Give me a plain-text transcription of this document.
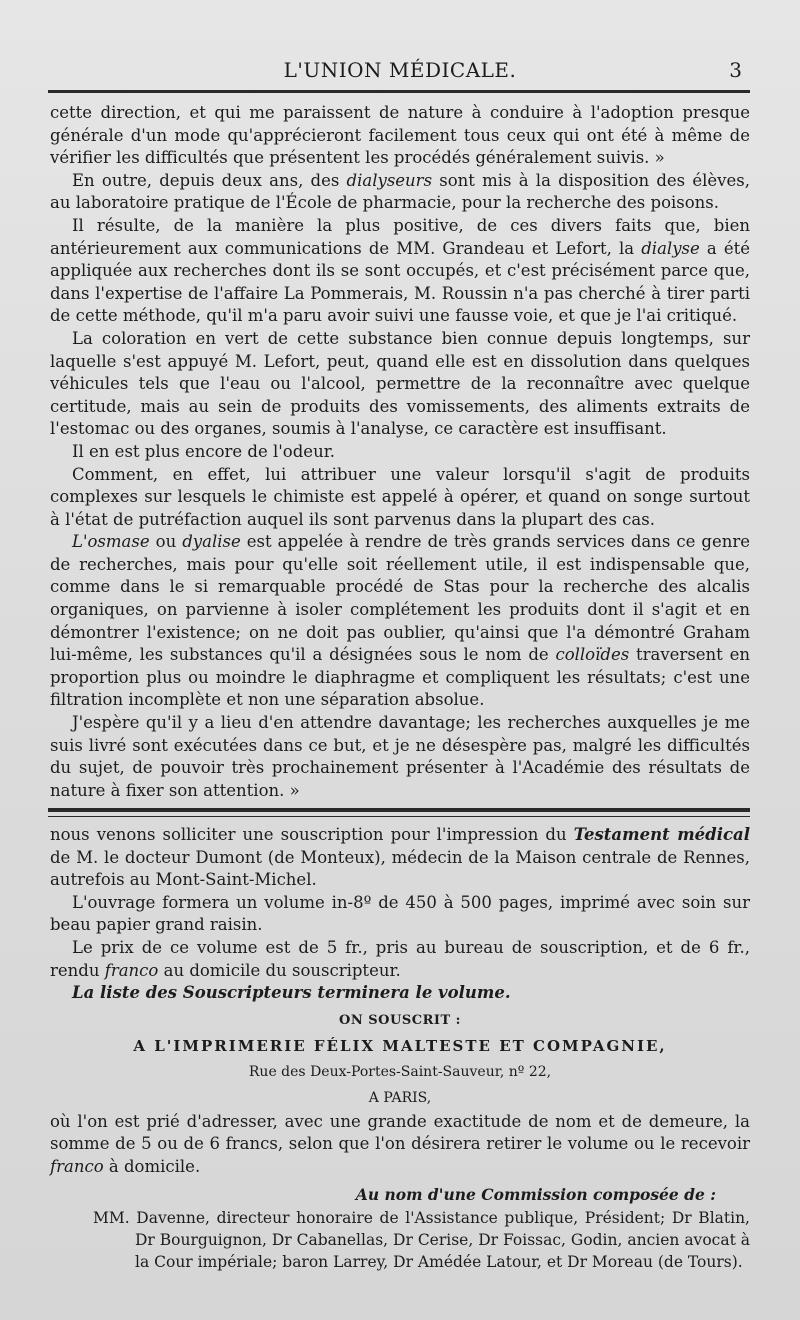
L'UNION MÉDICALE.	3

cette direction, et qui me paraissent de nature à conduire à l'adoption presque générale d'un mode qu'apprécieront facilement tous ceux qui ont été à même de vérifier les difficultés que présentent les procédés généralement suivis. »

En outre, depuis deux ans, des dialyseurs sont mis à la disposition des élèves, au laboratoire pratique de l'École de pharmacie, pour la recherche des poisons.

Il résulte, de la manière la plus positive, de ces divers faits que, bien antérieurement aux communications de MM. Grandeau et Lefort, la dialyse a été appliquée aux recherches dont ils se sont occupés, et c'est précisément parce que, dans l'expertise de l'affaire La Pommerais, M. Roussin n'a pas cherché à tirer parti de cette méthode, qu'il m'a paru avoir suivi une fausse voie, et que je l'ai critiqué.

La coloration en vert de cette substance bien connue depuis longtemps, sur laquelle s'est appuyé M. Lefort, peut, quand elle est en dissolution dans quelques véhicules tels que l'eau ou l'alcool, permettre de la reconnaître avec quelque certitude, mais au sein de produits des vomissements, des aliments extraits de l'estomac ou des organes, soumis à l'analyse, ce caractère est insuffisant.

Il en est plus encore de l'odeur.

Comment, en effet, lui attribuer une valeur lorsqu'il s'agit de produits complexes sur lesquels le chimiste est appelé à opérer, et quand on songe surtout à l'état de putréfaction auquel ils sont parvenus dans la plupart des cas.

L'osmase ou dyalise est appelée à rendre de très grands services dans ce genre de recherches, mais pour qu'elle soit réellement utile, il est indispensable que, comme dans le si remarquable procédé de Stas pour la recherche des alcalis organiques, on parvienne à isoler complétement les produits dont il s'agit et en démontrer l'existence; on ne doit pas oublier, qu'ainsi que l'a démontré Graham lui-même, les substances qu'il a désignées sous le nom de colloïdes traversent en proportion plus ou moindre le diaphragme et compliquent les résultats; c'est une filtration incomplète et non une séparation absolue.

J'espère qu'il y a lieu d'en attendre davantage; les recherches auxquelles je me suis livré sont exécutées dans ce but, et je ne désespère pas, malgré les difficultés du sujet, de pouvoir très prochainement présenter à l'Académie des résultats de nature à fixer son attention. »

nous venons solliciter une souscription pour l'impression du Testament médical de M. le docteur Dumont (de Monteux), médecin de la Maison centrale de Rennes, autrefois au Mont-Saint-Michel.

L'ouvrage formera un volume in-8º de 450 à 500 pages, imprimé avec soin sur beau papier grand raisin.

Le prix de ce volume est de 5 fr., pris au bureau de souscription, et de 6 fr., rendu franco au domicile du souscripteur.

La liste des Souscripteurs terminera le volume.

ON SOUSCRIT :
A L'IMPRIMERIE FÉLIX MALTESTE ET COMPAGNIE,
Rue des Deux-Portes-Saint-Sauveur, nº 22,
A PARIS,

où l'on est prié d'adresser, avec une grande exactitude de nom et de demeure, la somme de 5 ou de 6 francs, selon que l'on désirera retirer le volume ou le recevoir franco à domicile.

Au nom d'une Commission composée de :
MM. Davenne, directeur honoraire de l'Assistance publique, Président; Dr Blatin, Dr Bourguignon, Dr Cabanellas, Dr Cerise, Dr Foissac, Godin, ancien avocat à la Cour impériale; baron Larrey, Dr Amédée Latour, et Dr Moreau (de Tours).
